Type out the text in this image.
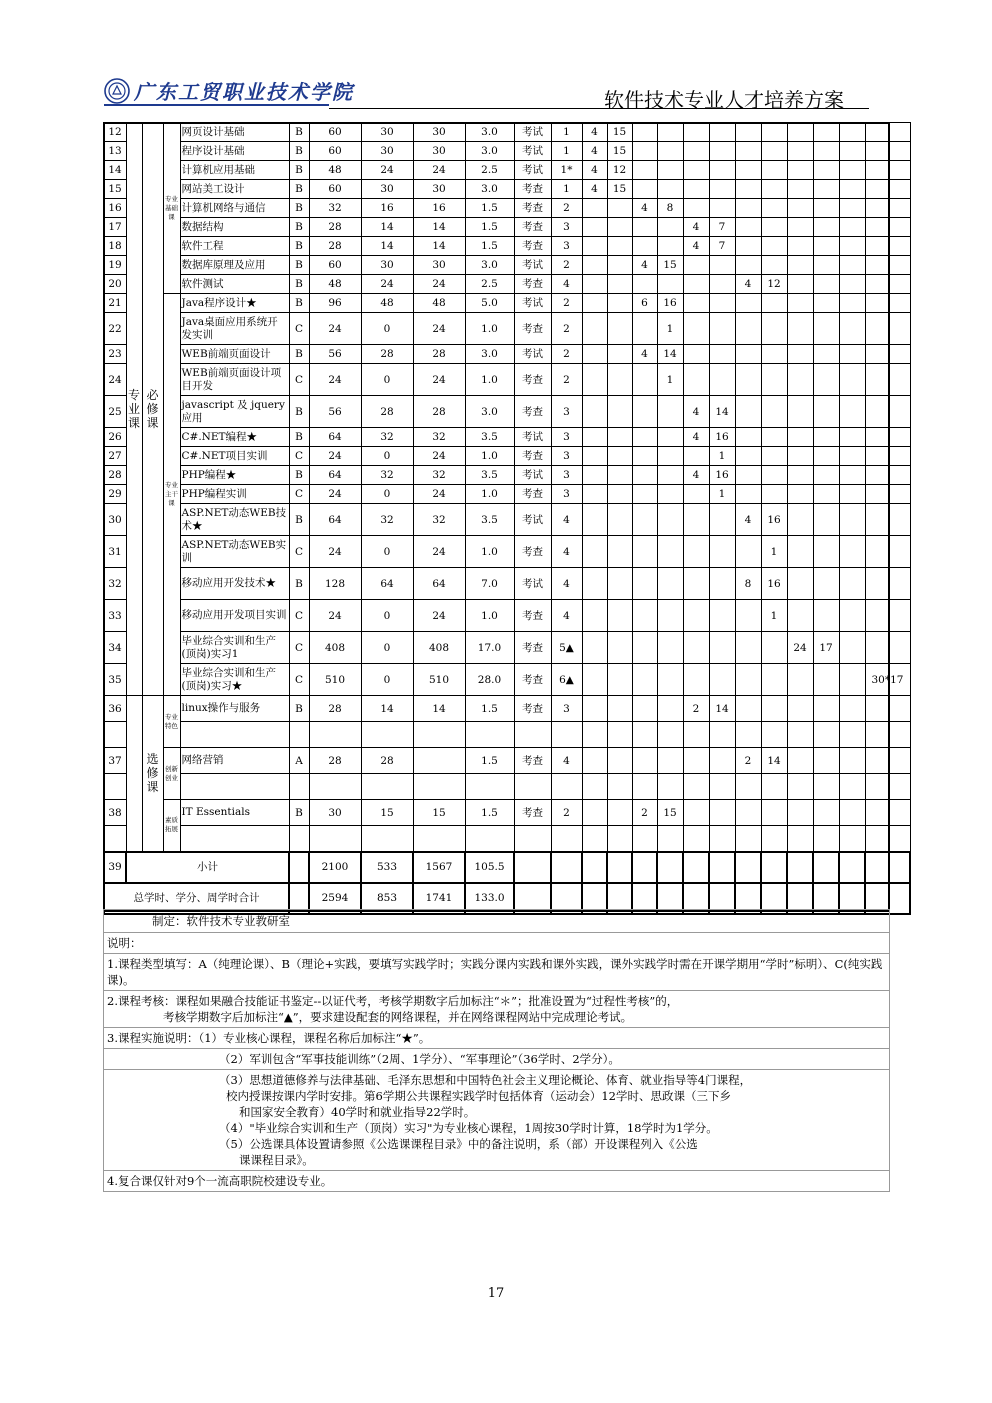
广东工贸职业技术学院	软件技术专业人才培养方案
12	专业课	必修课	专业基础课	网页设计基础	B	60	30	30	3.0	考试	1	4	15										
13				程序设计基础	B	60	30	30	3.0	考试	1	4	15										
14				计算机应用基础	B	48	24	24	2.5	考试	1*	4	12										
15				网站美工设计	B	60	30	30	3.0	考查	1	4	15										
16				计算机网络与通信	B	32	16	16	1.5	考查	2			4	8								
17				数据结构	B	28	14	14	1.5	考查	3					4	7						
18				软件工程	B	28	14	14	1.5	考查	3					4	7						
19				数据库原理及应用	B	60	30	30	3.0	考试	2			4	15								
20				软件测试	B	48	24	24	2.5	考查	4							4	12				
21			专业主干课	Java程序设计★	B	96	48	48	5.0	考试	2			6	16								
22				Java桌面应用系统开发实训	C	24	0	24	1.0	考查	2				1								
23				WEB前端页面设计	B	56	28	28	3.0	考试	2			4	14								
24				WEB前端页面设计项目开发	C	24	0	24	1.0	考查	2				1								
25				javascript 及 jquery应用	B	56	28	28	3.0	考查	3					4	14						
26				C#.NET编程★	B	64	32	32	3.5	考试	3					4	16						
27				C#.NET项目实训	C	24	0	24	1.0	考查	3						1						
28				PHP编程★	B	64	32	32	3.5	考试	3					4	16						
29				PHP编程实训	C	24	0	24	1.0	考查	3						1						
30				ASP.NET动态WEB技术★	B	64	32	32	3.5	考试	4							4	16				
31				ASP.NET动态WEB实训	C	24	0	24	1.0	考查	4								1				
32				移动应用开发技术★	B	128	64	64	7.0	考试	4							8	16				
33				移动应用开发项目实训	C	24	0	24	1.0	考查	4								1				
34				毕业综合实训和生产(顶岗)实习1	C	408	0	408	17.0	考查	5▲									24	17		
35				毕业综合实训和生产(顶岗)实习★	C	510	0	510	28.0	考查	6▲												30*17
36		选修课	专业特色	linux操作与服务	B	28	14	14	1.5	考查	3					2	14						

37			创新创业	网络营销	A	28	28		1.5	考查	4							2	14				

38			素质拓展	IT Essentials	B	30	15	15	1.5	考查	2			2	15								

39	小计					2100	533	1567	105.5														
总学时、学分、周学时合计						2594	853	1741	133.0														
制定：软件技术专业教研室
说明：
1.课程类型填写：A（纯理论课）、B（理论+实践，要填写实践学时；实践分课内实践和课外实践，课外实践学时需在开课学期用“学时”标明）、C(纯实践课)。
2.课程考核：课程如果融合技能证书鉴定--以证代考，考核学期数字后加标注“＊”；批准设置为“过程性考核”的，
考核学期数字后加标注“▲”，要求建设配套的网络课程，并在网络课程网站中完成理论考试。
3.课程实施说明：（1）专业核心课程，课程名称后加标注“★”。
（2）军训包含“军事技能训练”（2周、1学分）、“军事理论”（36学时、2学分）。
（3）思想道德修养与法律基础、毛泽东思想和中国特色社会主义理论概论、体育、就业指导等4门课程，
校内授课按课内学时安排。第6学期公共课程实践学时包括体育（运动会）12学时、思政课（三下乡
和国家安全教育）40学时和就业指导22学时。
（4）"毕业综合实训和生产（顶岗）实习"为专业核心课程，1周按30学时计算，18学时为1学分。
（5）公选课具体设置请参照《公选课课程目录》中的备注说明，系（部）开设课程列入《公选
课课程目录》。
4.复合课仅针对9个一流高职院校建设专业。
17
